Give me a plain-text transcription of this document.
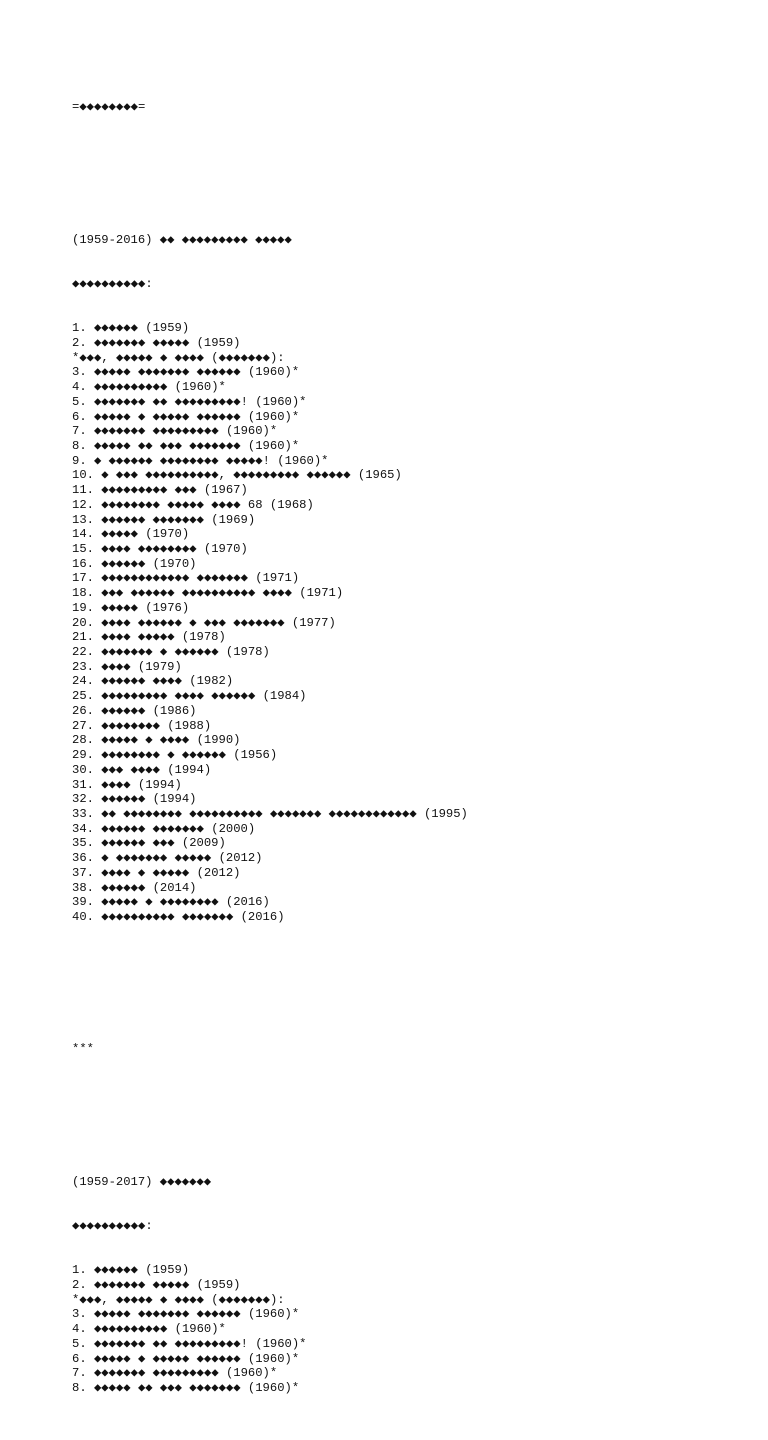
=◆◆◆◆◆◆◆◆=

(1959-2016) ◆◆ ◆◆◆◆◆◆◆◆◆ ◆◆◆◆◆

◆◆◆◆◆◆◆◆◆◆:

1. ◆◆◆◆◆◆ (1959)
2. ◆◆◆◆◆◆◆ ◆◆◆◆◆ (1959)
*◆◆◆, ◆◆◆◆◆ ◆ ◆◆◆◆ (◆◆◆◆◆◆◆):
3. ◆◆◆◆◆ ◆◆◆◆◆◆◆ ◆◆◆◆◆◆ (1960)*
4. ◆◆◆◆◆◆◆◆◆◆ (1960)*
5. ◆◆◆◆◆◆◆ ◆◆ ◆◆◆◆◆◆◆◆◆! (1960)*
6. ◆◆◆◆◆ ◆ ◆◆◆◆◆ ◆◆◆◆◆◆ (1960)*
7. ◆◆◆◆◆◆◆ ◆◆◆◆◆◆◆◆◆ (1960)*
8. ◆◆◆◆◆ ◆◆ ◆◆◆ ◆◆◆◆◆◆◆ (1960)*
9. ◆ ◆◆◆◆◆◆ ◆◆◆◆◆◆◆◆ ◆◆◆◆◆! (1960)*
10. ◆ ◆◆◆ ◆◆◆◆◆◆◆◆◆◆, ◆◆◆◆◆◆◆◆◆ ◆◆◆◆◆◆ (1965)
11. ◆◆◆◆◆◆◆◆◆ ◆◆◆ (1967)
12. ◆◆◆◆◆◆◆◆ ◆◆◆◆◆ ◆◆◆◆ 68 (1968)
13. ◆◆◆◆◆◆ ◆◆◆◆◆◆◆ (1969)
14. ◆◆◆◆◆ (1970)
15. ◆◆◆◆ ◆◆◆◆◆◆◆◆ (1970)
16. ◆◆◆◆◆◆ (1970)
17. ◆◆◆◆◆◆◆◆◆◆◆◆ ◆◆◆◆◆◆◆ (1971)
18. ◆◆◆ ◆◆◆◆◆◆ ◆◆◆◆◆◆◆◆◆◆ ◆◆◆◆ (1971)
19. ◆◆◆◆◆ (1976)
20. ◆◆◆◆ ◆◆◆◆◆◆ ◆ ◆◆◆ ◆◆◆◆◆◆◆ (1977)
21. ◆◆◆◆ ◆◆◆◆◆ (1978)
22. ◆◆◆◆◆◆◆ ◆ ◆◆◆◆◆◆ (1978)
23. ◆◆◆◆ (1979)
24. ◆◆◆◆◆◆ ◆◆◆◆ (1982)
25. ◆◆◆◆◆◆◆◆◆ ◆◆◆◆ ◆◆◆◆◆◆ (1984)
26. ◆◆◆◆◆◆ (1986)
27. ◆◆◆◆◆◆◆◆ (1988)
28. ◆◆◆◆◆ ◆ ◆◆◆◆ (1990)
29. ◆◆◆◆◆◆◆◆ ◆ ◆◆◆◆◆◆ (1956)
30. ◆◆◆ ◆◆◆◆ (1994)
31. ◆◆◆◆ (1994)
32. ◆◆◆◆◆◆ (1994)
33. ◆◆ ◆◆◆◆◆◆◆◆ ◆◆◆◆◆◆◆◆◆◆ ◆◆◆◆◆◆◆ ◆◆◆◆◆◆◆◆◆◆◆◆ (1995)
34. ◆◆◆◆◆◆ ◆◆◆◆◆◆◆ (2000)
35. ◆◆◆◆◆◆ ◆◆◆ (2009)
36. ◆ ◆◆◆◆◆◆◆ ◆◆◆◆◆ (2012)
37. ◆◆◆◆ ◆ ◆◆◆◆◆ (2012)
38. ◆◆◆◆◆◆ (2014)
39. ◆◆◆◆◆ ◆ ◆◆◆◆◆◆◆◆ (2016)
40. ◆◆◆◆◆◆◆◆◆◆ ◆◆◆◆◆◆◆ (2016)

***

(1959-2017) ◆◆◆◆◆◆◆

◆◆◆◆◆◆◆◆◆◆:

1. ◆◆◆◆◆◆ (1959)
2. ◆◆◆◆◆◆◆ ◆◆◆◆◆ (1959)
*◆◆◆, ◆◆◆◆◆ ◆ ◆◆◆◆ (◆◆◆◆◆◆◆):
3. ◆◆◆◆◆ ◆◆◆◆◆◆◆ ◆◆◆◆◆◆ (1960)*
4. ◆◆◆◆◆◆◆◆◆◆ (1960)*
5. ◆◆◆◆◆◆◆ ◆◆ ◆◆◆◆◆◆◆◆◆! (1960)*
6. ◆◆◆◆◆ ◆ ◆◆◆◆◆ ◆◆◆◆◆◆ (1960)*
7. ◆◆◆◆◆◆◆ ◆◆◆◆◆◆◆◆◆ (1960)*
8. ◆◆◆◆◆ ◆◆ ◆◆◆ ◆◆◆◆◆◆◆ (1960)*
